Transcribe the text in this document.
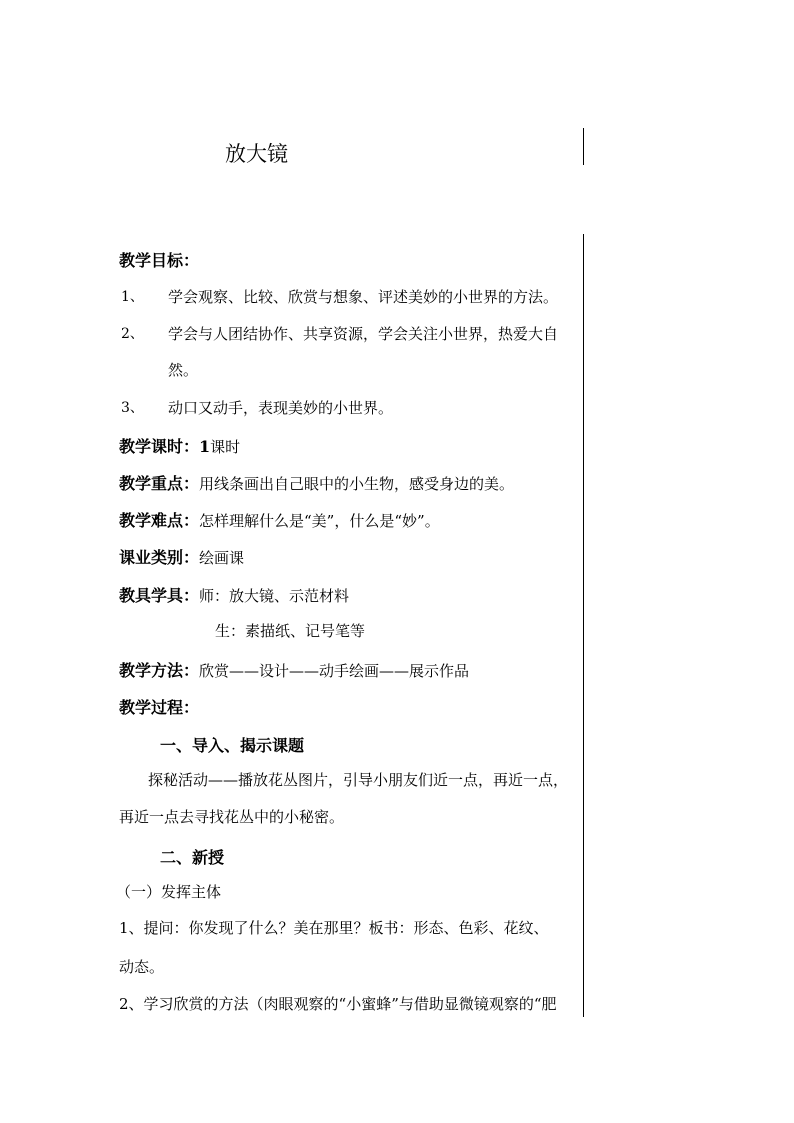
放大镜
教学目标：
1、 学会观察、比较、欣赏与想象、评述美妙的小世界的方法。
2、 学会与人团结协作、共享资源，学会关注小世界，热爱大自
然。
3、 动口又动手，表现美妙的小世界。
教学课时：1课时
教学重点：用线条画出自己眼中的小生物，感受身边的美。
教学难点：怎样理解什么是“美”，什么是“妙”。
课业类别：绘画课
教具学具：师：放大镜、示范材料
生：素描纸、记号笔等
教学方法：欣赏——设计——动手绘画——展示作品
教学过程：
一、导入、揭示课题
探秘活动——播放花丛图片，引导小朋友们近一点，再近一点，
再近一点去寻找花丛中的小秘密。
二、新授
（一）发挥主体
1、提问：你发现了什么？美在那里？板书：形态、色彩、花纹、
动态。
2、学习欣赏的方法（肉眼观察的“小蜜蜂”与借助显微镜观察的“肥
